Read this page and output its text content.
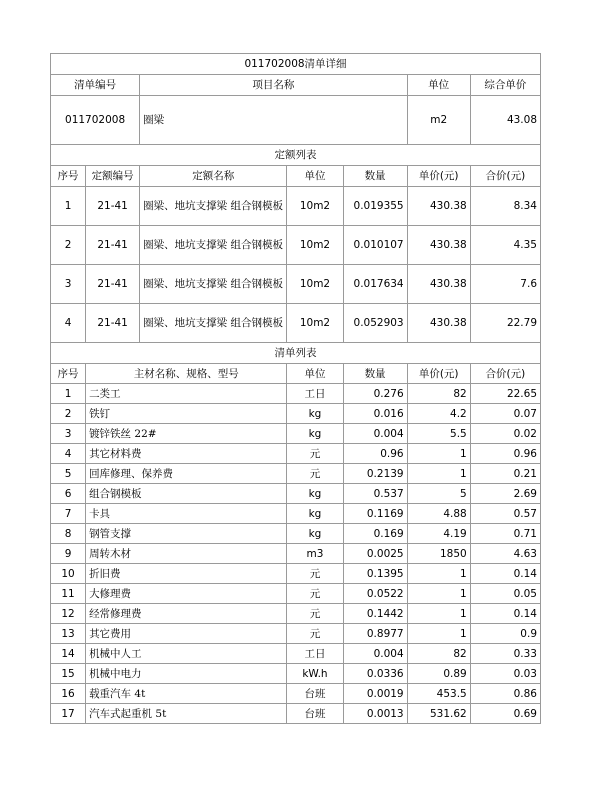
011702008清单详细						
清单编号		项目名称			单位	综合单价
011702008		圈梁			m2	43.08
定额列表						
序号	定额编号	定额名称	单位	数量	单价(元)	合价(元)
1	21-41	圈梁、地坑支撑梁 组合钢模板	10m2	0.019355	430.38	8.34
2	21-41	圈梁、地坑支撑梁 组合钢模板	10m2	0.010107	430.38	4.35
3	21-41	圈梁、地坑支撑梁 组合钢模板	10m2	0.017634	430.38	7.6
4	21-41	圈梁、地坑支撑梁 组合钢模板	10m2	0.052903	430.38	22.79
清单列表						
序号	主材名称、规格、型号		单位	数量	单价(元)	合价(元)
1	二类工		工日	0.276	82	22.65
2	铁钉		kg	0.016	4.2	0.07
3	镀锌铁丝 22#		kg	0.004	5.5	0.02
4	其它材料费		元	0.96	1	0.96
5	回库修理、保养费		元	0.2139	1	0.21
6	组合钢模板		kg	0.537	5	2.69
7	卡具		kg	0.1169	4.88	0.57
8	钢管支撑		kg	0.169	4.19	0.71
9	周转木材		m3	0.0025	1850	4.63
10	折旧费		元	0.1395	1	0.14
11	大修理费		元	0.0522	1	0.05
12	经常修理费		元	0.1442	1	0.14
13	其它费用		元	0.8977	1	0.9
14	机械中人工		工日	0.004	82	0.33
15	机械中电力		kW.h	0.0336	0.89	0.03
16	载重汽车 4t		台班	0.0019	453.5	0.86
17	汽车式起重机 5t		台班	0.0013	531.62	0.69
